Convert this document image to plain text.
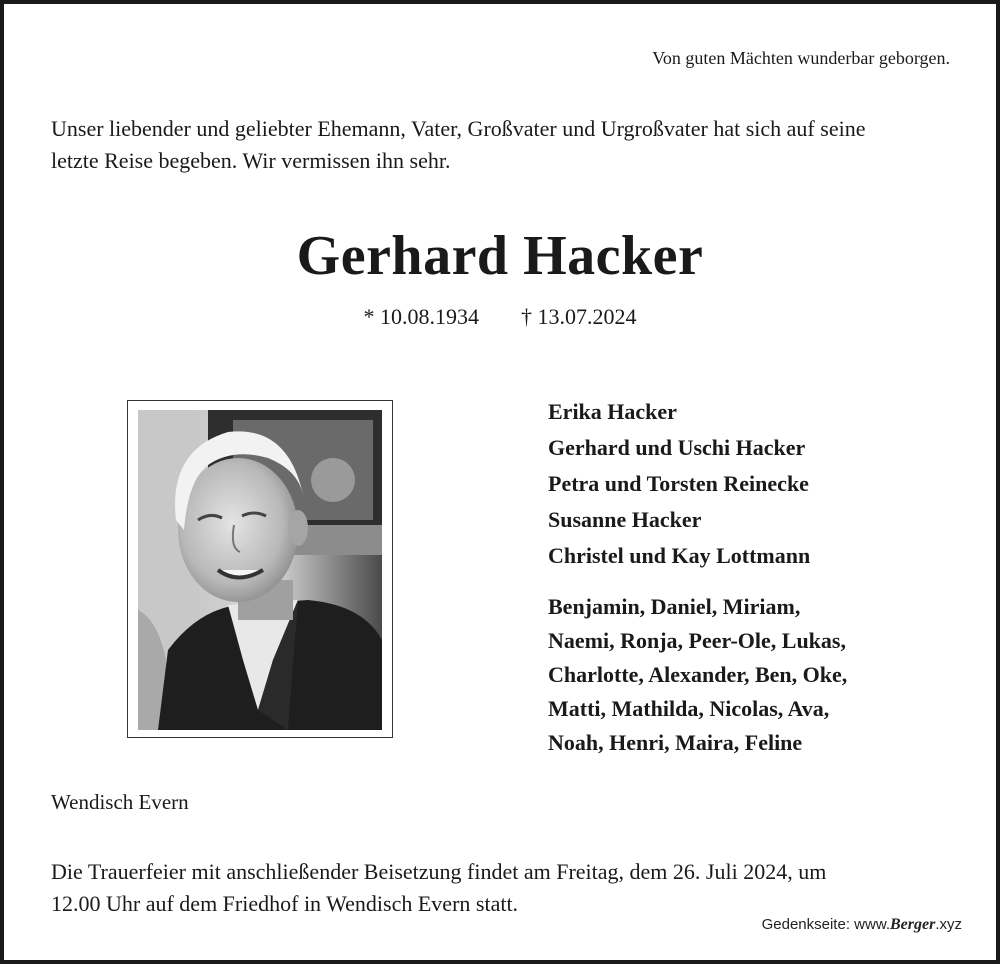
Von guten Mächten wunderbar geborgen.
Unser liebender und geliebter Ehemann, Vater, Großvater und Urgroßvater hat sich auf seine
letzte Reise begeben. Wir vermissen ihn sehr.
Gerhard Hacker
* 10.08.1934 † 13.07.2024
Erika Hacker
Gerhard und Uschi Hacker
Petra und Torsten Reinecke
Susanne Hacker
Christel und Kay Lottmann
Benjamin, Daniel, Miriam,
Naemi, Ronja, Peer-Ole, Lukas,
Charlotte, Alexander, Ben, Oke,
Matti, Mathilda, Nicolas, Ava,
Noah, Henri, Maira, Feline
Wendisch Evern
Die Trauerfeier mit anschließender Beisetzung findet am Freitag, dem 26. Juli 2024, um
12.00 Uhr auf dem Friedhof in Wendisch Evern statt.
Gedenkseite: www.Berger.xyz
